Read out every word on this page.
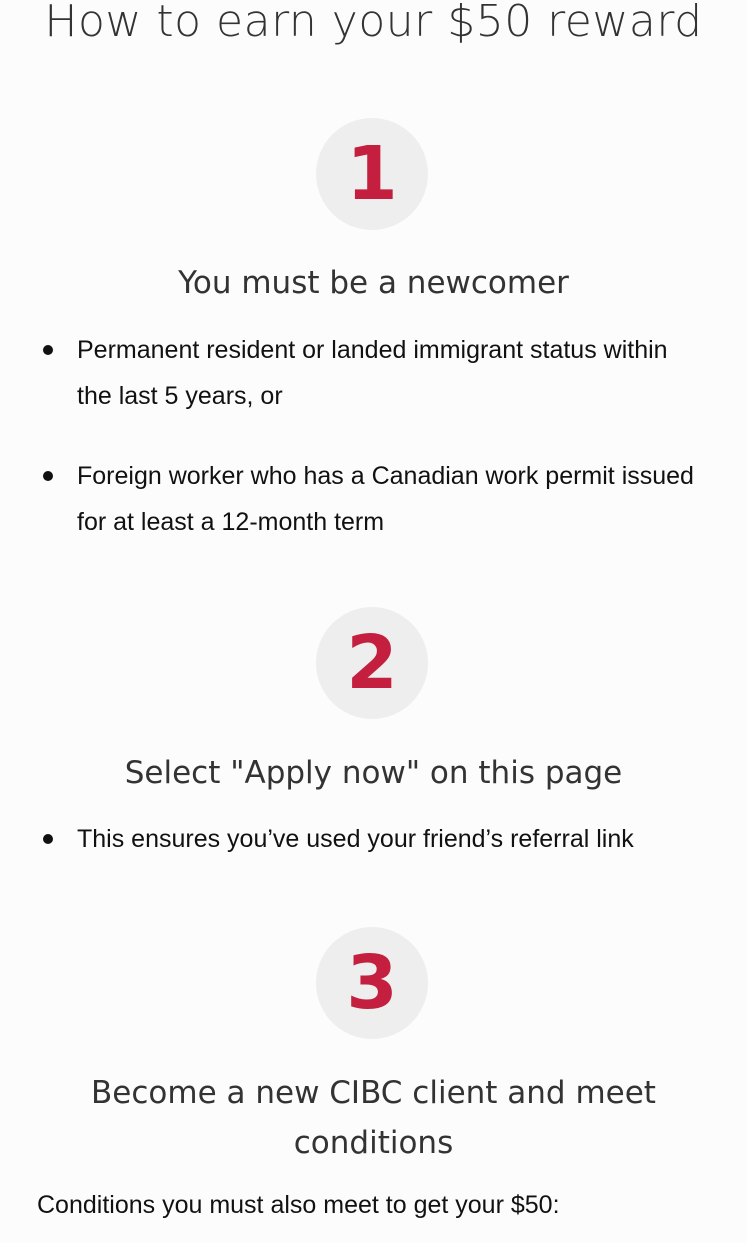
How to earn your $50 reward
1
You must be a newcomer
Permanent resident or landed immigrant status within the last 5 years, or
Foreign worker who has a Canadian work permit issued for at least a 12-month term
2
Select "Apply now" on this page
This ensures you’ve used your friend’s referral link
3
Become a new CIBC client and meet conditions

Conditions you must also meet to get your $50:
